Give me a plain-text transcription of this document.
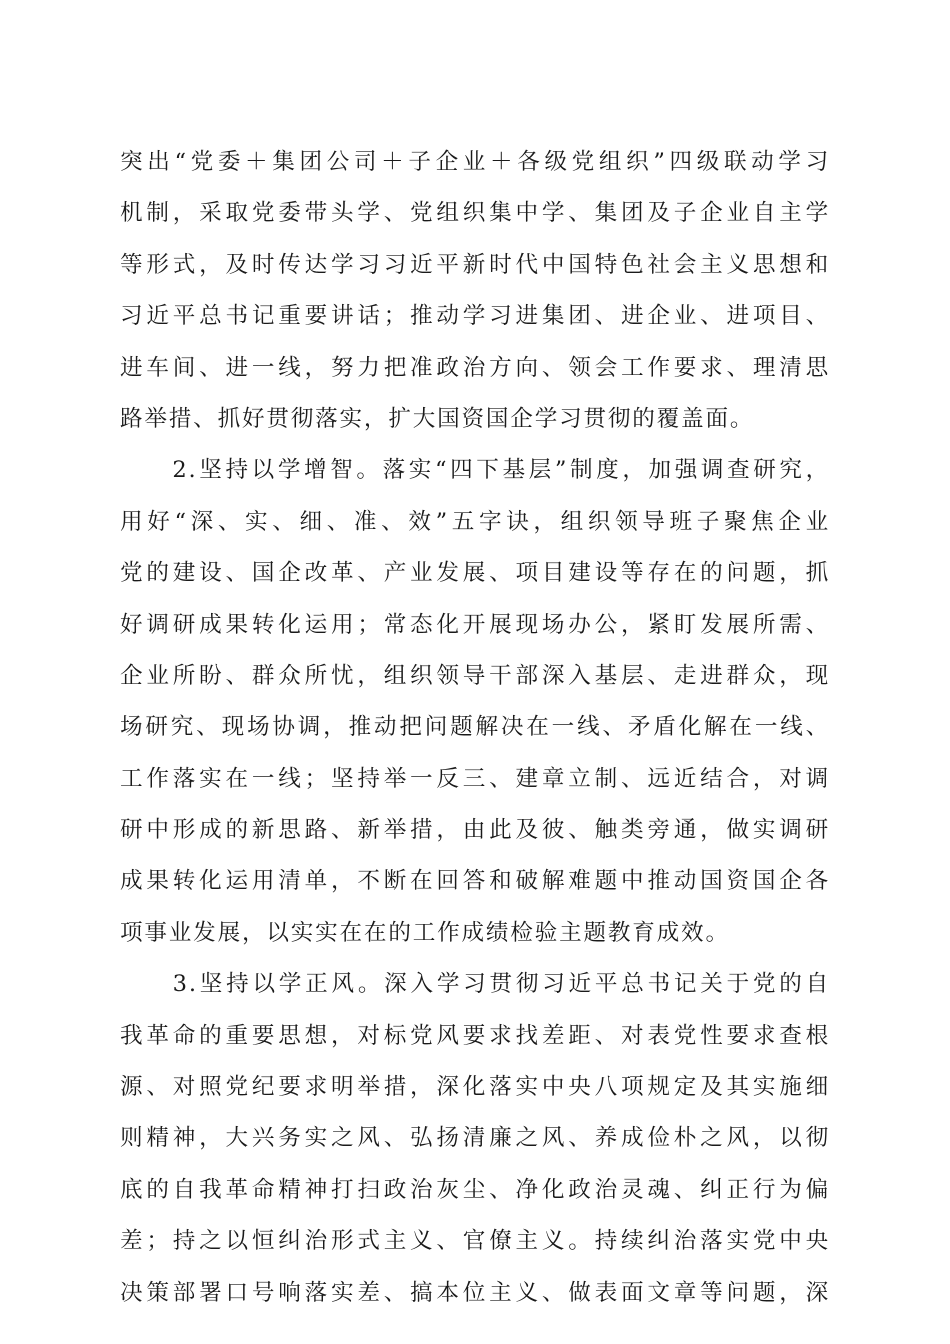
突出“党委＋集团公司＋子企业＋各级党组织”四级联动学习
机制，采取党委带头学、党组织集中学、集团及子企业自主学
等形式，及时传达学习习近平新时代中国特色社会主义思想和
习近平总书记重要讲话；推动学习进集团、进企业、进项目、
进车间、进一线，努力把准政治方向、领会工作要求、理清思
路举措、抓好贯彻落实，扩大国资国企学习贯彻的覆盖面。
　　2.坚持以学增智。落实“四下基层”制度，加强调查研究，
用好“深、实、细、准、效”五字诀，组织领导班子聚焦企业
党的建设、国企改革、产业发展、项目建设等存在的问题，抓
好调研成果转化运用；常态化开展现场办公，紧盯发展所需、
企业所盼、群众所忧，组织领导干部深入基层、走进群众，现
场研究、现场协调，推动把问题解决在一线、矛盾化解在一线、
工作落实在一线；坚持举一反三、建章立制、远近结合，对调
研中形成的新思路、新举措，由此及彼、触类旁通，做实调研
成果转化运用清单，不断在回答和破解难题中推动国资国企各
项事业发展，以实实在在的工作成绩检验主题教育成效。
　　3.坚持以学正风。深入学习贯彻习近平总书记关于党的自
我革命的重要思想，对标党风要求找差距、对表党性要求查根
源、对照党纪要求明举措，深化落实中央八项规定及其实施细
则精神，大兴务实之风、弘扬清廉之风、养成俭朴之风，以彻
底的自我革命精神打扫政治灰尘、净化政治灵魂、纠正行为偏
差；持之以恒纠治形式主义、官僚主义。持续纠治落实党中央
决策部署口号响落实差、搞本位主义、做表面文章等问题，深
